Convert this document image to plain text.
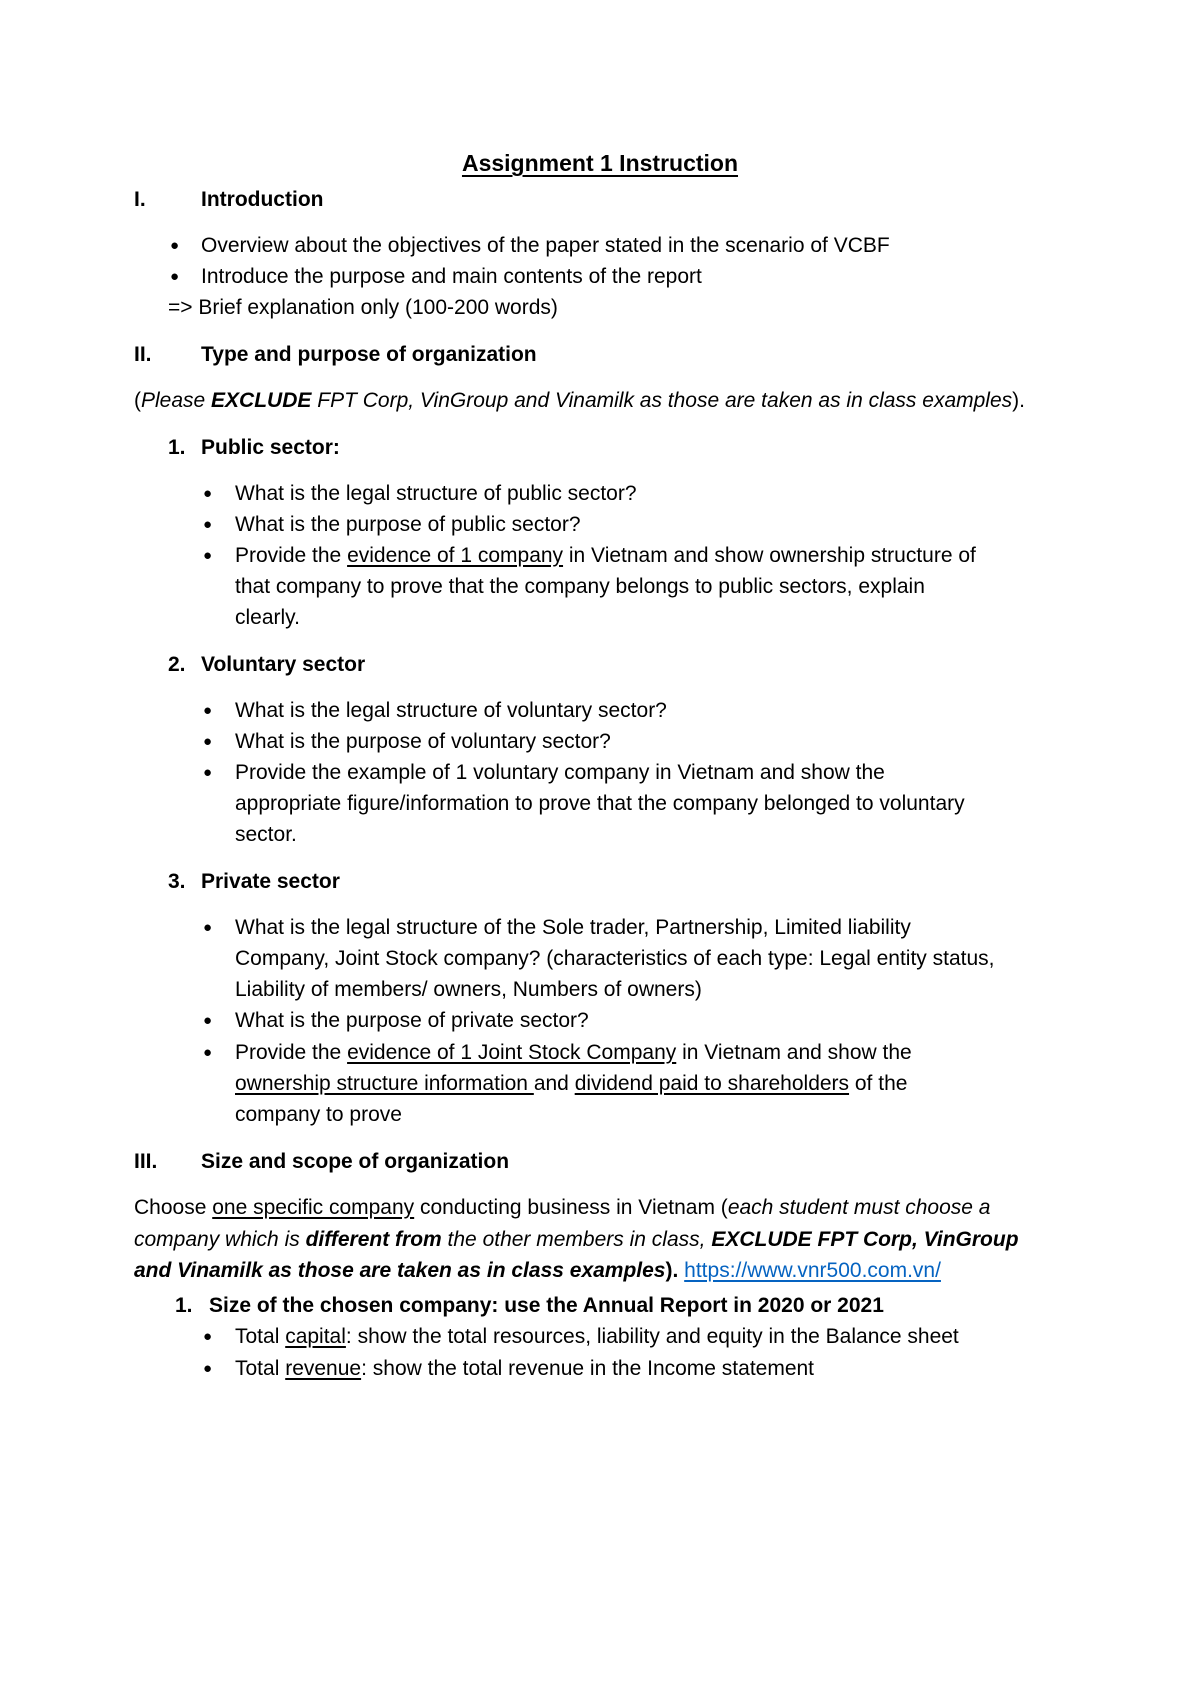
Assignment 1 Instruction
I.	Introduction
● Overview about the objectives of the paper stated in the scenario of VCBF
● Introduce the purpose and main contents of the report
=> Brief explanation only (100-200 words)
II. Type and purpose of organization
(Please EXCLUDE FPT Corp, VinGroup and Vinamilk as those are taken as in class examples).
1. Public sector:
● What is the legal structure of public sector?
● What is the purpose of public sector?
● Provide the evidence of 1 company in Vietnam and show ownership structure of
that company to prove that the company belongs to public sectors, explain
clearly.
2. Voluntary sector
● What is the legal structure of voluntary sector?
● What is the purpose of voluntary sector?
● Provide the example of 1 voluntary company in Vietnam and show the
appropriate figure/information to prove that the company belonged to voluntary
sector.
3. Private sector
● What is the legal structure of the Sole trader, Partnership, Limited liability
Company, Joint Stock company? (characteristics of each type: Legal entity status,
Liability of members/ owners, Numbers of owners)
● What is the purpose of private sector?
● Provide the evidence of 1 Joint Stock Company in Vietnam and show the
ownership structure information and dividend paid to shareholders of the
company to prove
III. Size and scope of organization
Choose one specific company conducting business in Vietnam (each student must choose a
company which is different from the other members in class, EXCLUDE FPT Corp, VinGroup
and Vinamilk as those are taken as in class examples). https://www.vnr500.com.vn/
1. Size of the chosen company: use the Annual Report in 2020 or 2021
● Total capital: show the total resources, liability and equity in the Balance sheet
● Total revenue: show the total revenue in the Income statement
